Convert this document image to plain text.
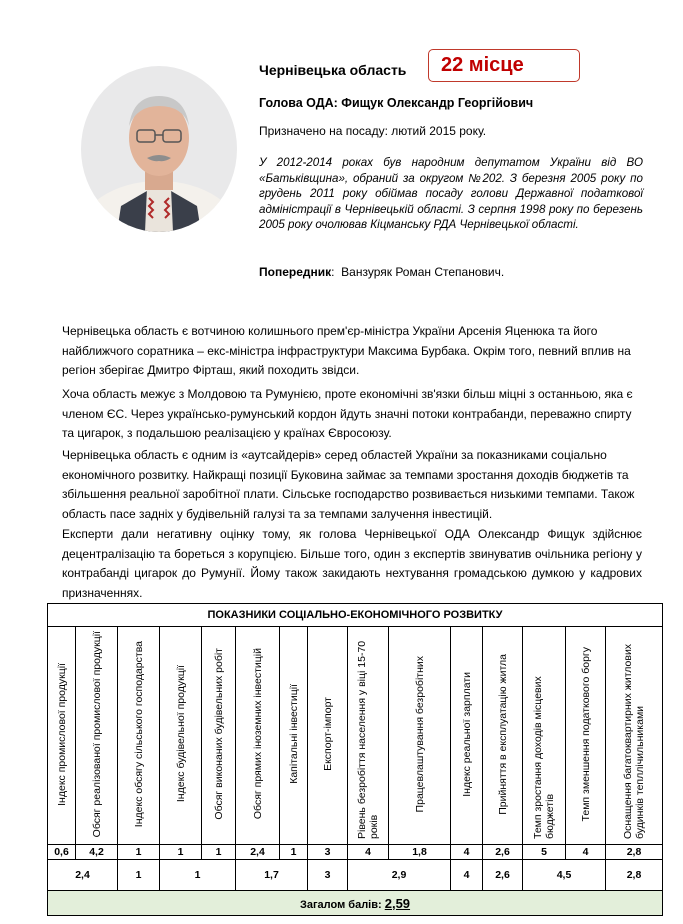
Чернівецька область	22 місце
Голова ОДА: Фищук Олександр Георгійович
Призначено на посаду: лютий 2015 року.
У 2012-2014 роках був народним депутатом України від ВО «Батьківщина», обраний за округом №202. З березня 2005 року по грудень 2011 року обіймав посаду голови Державної податкової адміністрації в Чернівецькій області. З серпня 1998 року по березень 2005 року очолював Кіцманську РДА Чернівецької області.
Попередник:  Ванзуряк Роман Степанович.
Чернівецька область є вотчиною колишнього прем'єр-міністра України Арсенія Яценюка та його найближчого соратника – екс-міністра інфраструктури Максима Бурбака. Окрім того, певний вплив на регіон зберігає Дмитро Фірташ, який походить звідси.
Хоча область межує з Молдовою та Румунією, проте економічні зв'язки більш міцні з останньою, яка є членом ЄС. Через українсько-румунський кордон йдуть значні потоки контрабанди, переважно спирту та цигарок, з подальшою реалізацією у країнах Євросоюзу.
Чернівецька область є одним із «аутсайдерів» серед областей України за показниками соціально економічного розвитку. Найкращі позиції Буковина займає за темпами зростання доходів бюджетів та збільшення реальної заробітної плати. Сільське господарство розвивається низькими темпами. Також область пасе задніх у будівельній галузі та за темпами залучення інвестицій.
Експерти дали негативну оцінку тому, як голова Чернівецької ОДА Олександр Фищук здійснює децентралізацію та бореться з корупцією. Більше того, один з експертів звинуватив очільника регіону у контрабанді цигарок до Румунії. Йому також закидають нехтування громадською думкою у кадрових призначеннях.
ПОКАЗНИКИ СОЦІАЛЬНО-ЕКОНОМІЧНОГО РОЗВИТКУ														
Індекс промислової продукції	Обсяг реалізованої промислової продукції	Індекс обсягу сільського господарства	Індекс будівельної продукції	Обсяг виконаних будівельних робіт	Обсяг прямих іноземних інвестицій	Капітальні інвестиції	Експорт-імпорт	Рівень безробіття населення у віці 15-70 років	Працевлаштування безробітних	Індекс реальної зарплати	Прийняття в експлуатацію житла	Темп зростання доходів місцевих бюджетів	Темп зменшення податкового боргу	Оснащення багатоквартирних житлових будинків тепллічильниками
0,6	4,2	1	1	1	2,4	1	3	4	1,8	4	2,6	5	4	2,8
2,4		1	1		1,7		3	2,9		4	2,6	4,5		2,8
Загалом балів: 2,59														
